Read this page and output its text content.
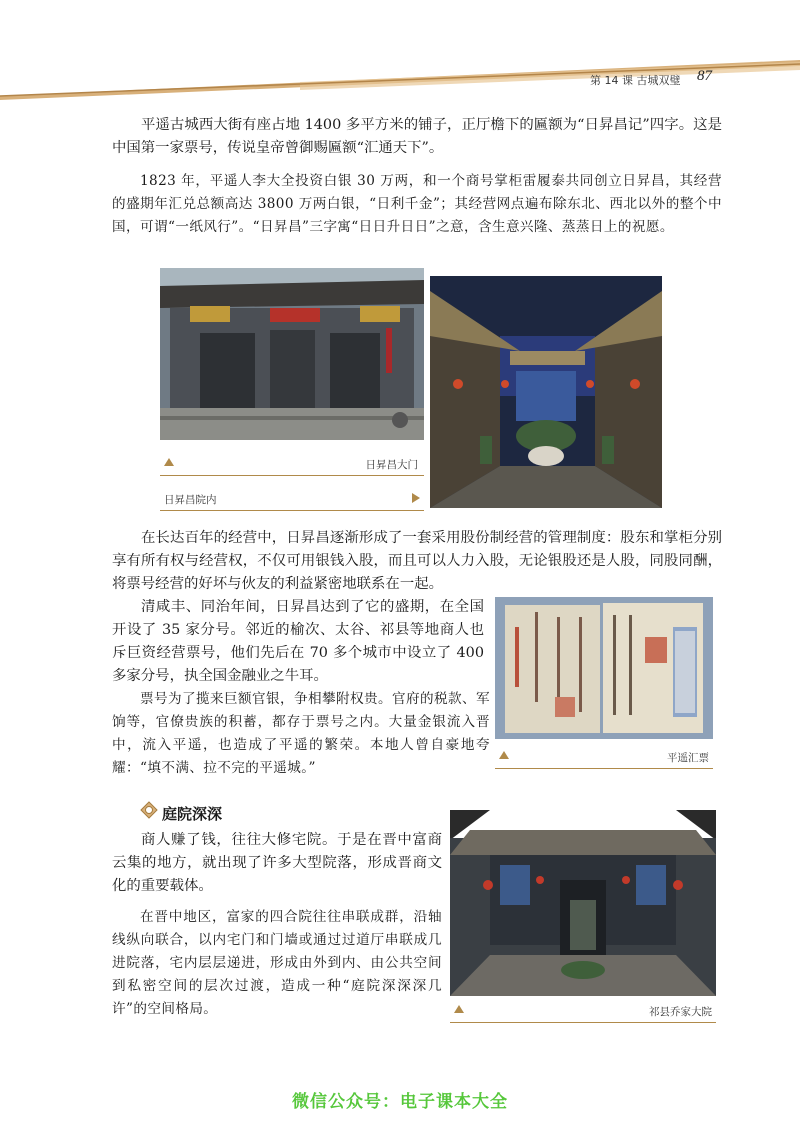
第 14 课 古城双璧 87

平遥古城西大街有座占地 1400 多平方米的铺子，正厅檐下的匾额为“日昇昌记”四字。这是中国第一家票号，传说皇帝曾御赐匾额“汇通天下”。

1823 年，平遥人李大全投资白银 30 万两，和一个商号掌柜雷履泰共同创立日昇昌，其经营的盛期年汇兑总额高达 3800 万两白银，“日利千金”；其经营网点遍布除东北、西北以外的整个中国，可谓“一纸风行”。“日昇昌”三字寓“日日升日日”之意，含生意兴隆、蒸蒸日上的祝愿。

日昇昌大门
日昇昌院内

在长达百年的经营中，日昇昌逐渐形成了一套采用股份制经营的管理制度：股东和掌柜分别享有所有权与经营权，不仅可用银钱入股，而且可以人力入股，无论银股还是人股，同股同酬，将票号经营的好坏与伙友的利益紧密地联系在一起。

清咸丰、同治年间，日昇昌达到了它的盛期，在全国开设了 35 家分号。邻近的榆次、太谷、祁县等地商人也斥巨资经营票号，他们先后在 70 多个城市中设立了 400 多家分号，执全国金融业之牛耳。

平遥汇票

票号为了揽来巨额官银，争相攀附权贵。官府的税款、军饷等，官僚贵族的积蓄，都存于票号之内。大量金银流入晋中，流入平遥，也造成了平遥的繁荣。本地人曾自豪地夸耀：“填不满、拉不完的平遥城。”

庭院深深

商人赚了钱，往往大修宅院。于是在晋中富商云集的地方，就出现了许多大型院落，形成晋商文化的重要载体。

在晋中地区，富家的四合院往往串联成群，沿轴线纵向联合，以内宅门和门墙或通过过道厅串联成几进院落，宅内层层递进，形成由外到内、由公共空间到私密空间的层次过渡，造成一种“庭院深深深几许”的空间格局。	祁县乔家大院
微信公众号：电子课本大全
